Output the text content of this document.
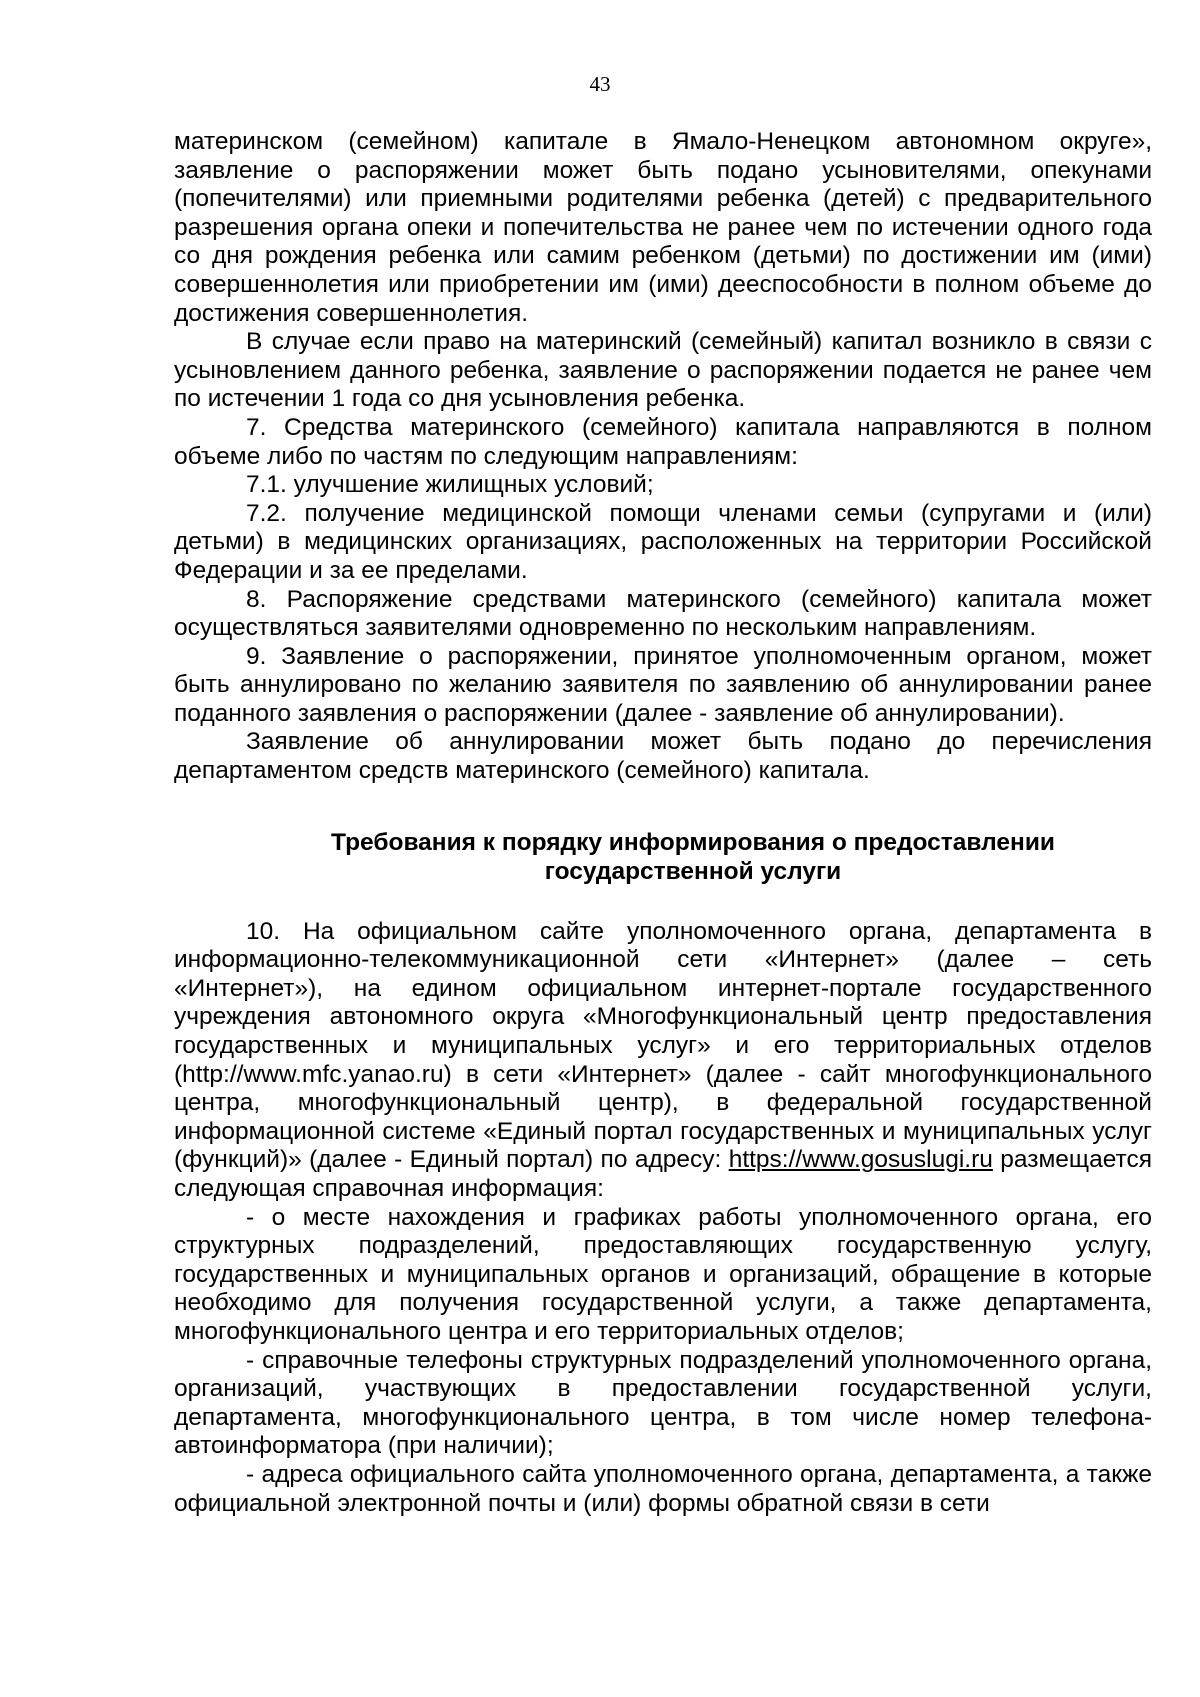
43

материнском (семейном) капитале в Ямало-Ненецком автономном округе», заявление о распоряжении может быть подано усыновителями, опекунами (попечителями) или приемными родителями ребенка (детей) с предварительного разрешения органа опеки и попечительства не ранее чем по истечении одного года со дня рождения ребенка или самим ребенком (детьми) по достижении им (ими) совершеннолетия или приобретении им (ими) дееспособности в полном объеме до достижения совершеннолетия.

В случае если право на материнский (семейный) капитал возникло в связи с усыновлением данного ребенка, заявление о распоряжении подается не ранее чем по истечении 1 года со дня усыновления ребенка.

7. Средства материнского (семейного) капитала направляются в полном объеме либо по частям по следующим направлениям:

7.1. улучшение жилищных условий;

7.2. получение медицинской помощи членами семьи (супругами и (или) детьми) в медицинских организациях, расположенных на территории Российской Федерации и за ее пределами.

8. Распоряжение средствами материнского (семейного) капитала может осуществляться заявителями одновременно по нескольким направлениям.

9. Заявление о распоряжении, принятое уполномоченным органом, может быть аннулировано по желанию заявителя по заявлению об аннулировании ранее поданного заявления о распоряжении (далее - заявление об аннулировании).

Заявление об аннулировании может быть подано до перечисления департаментом средств материнского (семейного) капитала.

Требования к порядку информирования о предоставлении
государственной услуги

10. На официальном сайте уполномоченного органа, департамента в информационно-телекоммуникационной сети «Интернет» (далее – сеть «Интернет»), на едином официальном интернет-портале государственного учреждения автономного округа «Многофункциональный центр предоставления государственных и муниципальных услуг» и его территориальных отделов (http://www.mfc.yanao.ru) в сети «Интернет» (далее - сайт многофункционального центра, многофункциональный центр), в федеральной государственной информационной системе «Единый портал государственных и муниципальных услуг (функций)» (далее - Единый портал) по адресу: https://www.gosuslugi.ru размещается следующая справочная информация:

- о месте нахождения и графиках работы уполномоченного органа, его структурных подразделений, предоставляющих государственную услугу, государственных и муниципальных органов и организаций, обращение в которые необходимо для получения государственной услуги, а также департамента, многофункционального центра и его территориальных отделов;

- справочные телефоны структурных подразделений уполномоченного органа, организаций, участвующих в предоставлении государственной услуги, департамента, многофункционального центра, в том числе номер телефона-автоинформатора (при наличии);

- адреса официального сайта уполномоченного органа, департамента, а также официальной электронной почты и (или) формы обратной связи в сети
